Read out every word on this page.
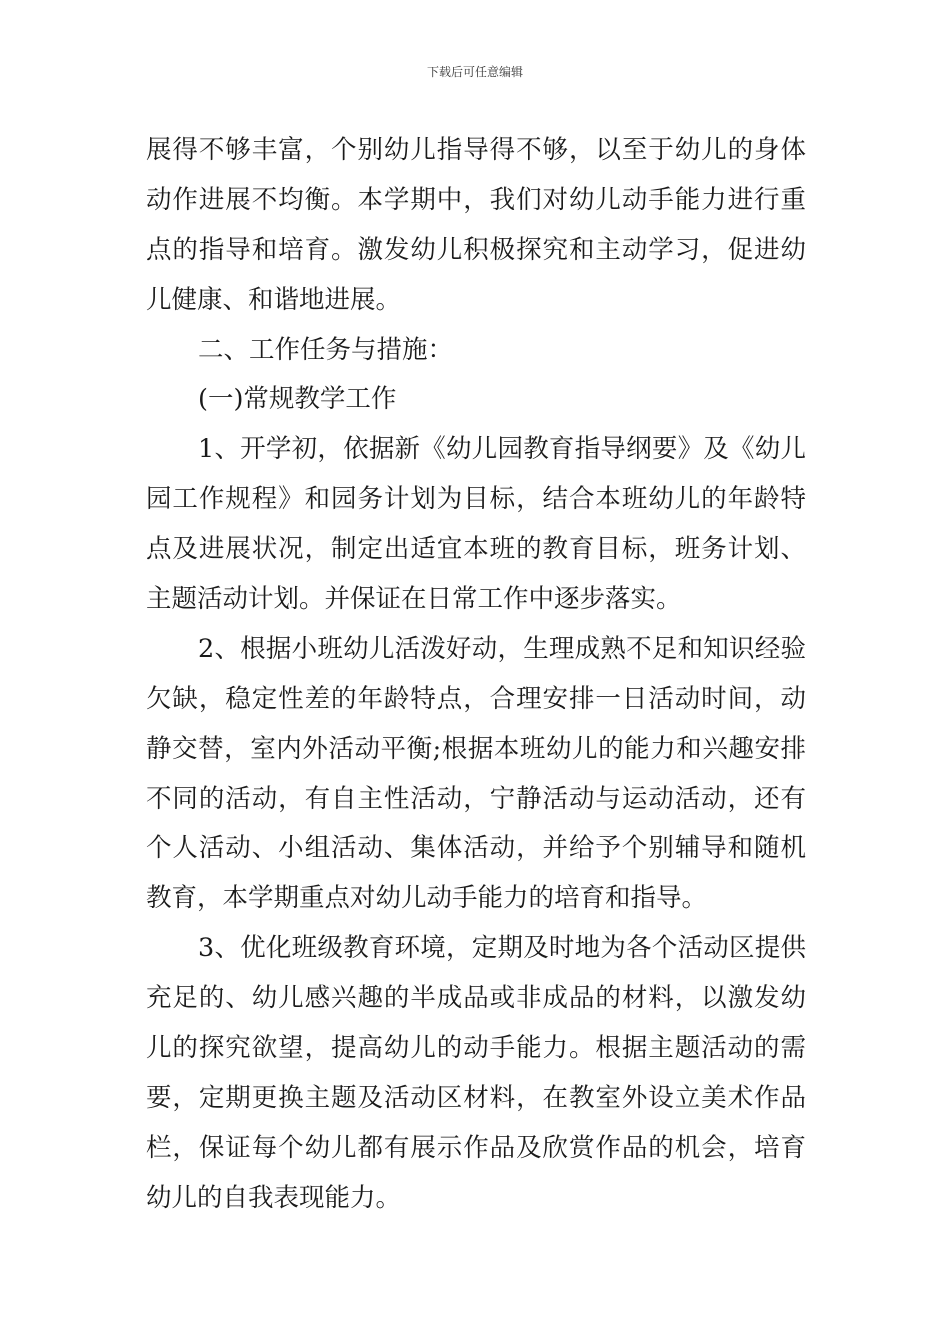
下载后可任意编辑
展得不够丰富，个别幼儿指导得不够，以至于幼儿的身体
动作进展不均衡。本学期中，我们对幼儿动手能力进行重
点的指导和培育。激发幼儿积极探究和主动学习，促进幼
儿健康、和谐地进展。
二、工作任务与措施：
(一)常规教学工作
1、开学初，依据新《幼儿园教育指导纲要》及《幼儿
园工作规程》和园务计划为目标，结合本班幼儿的年龄特
点及进展状况，制定出适宜本班的教育目标，班务计划、
主题活动计划。并保证在日常工作中逐步落实。
2、根据小班幼儿活泼好动，生理成熟不足和知识经验
欠缺，稳定性差的年龄特点，合理安排一日活动时间，动
静交替，室内外活动平衡;根据本班幼儿的能力和兴趣安排
不同的活动，有自主性活动，宁静活动与运动活动，还有
个人活动、小组活动、集体活动，并给予个别辅导和随机
教育，本学期重点对幼儿动手能力的培育和指导。
3、优化班级教育环境，定期及时地为各个活动区提供
充足的、幼儿感兴趣的半成品或非成品的材料，以激发幼
儿的探究欲望，提高幼儿的动手能力。根据主题活动的需
要，定期更换主题及活动区材料，在教室外设立美术作品
栏，保证每个幼儿都有展示作品及欣赏作品的机会，培育
幼儿的自我表现能力。
